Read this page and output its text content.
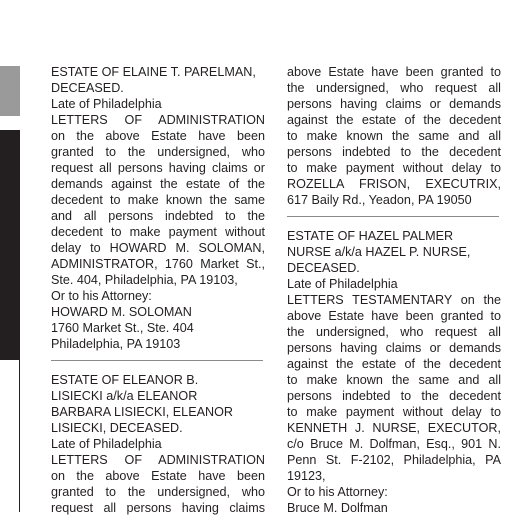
ESTATE OF ELAINE T. PARELMAN,
DECEASED.
Late of Philadelphia
LETTERS OF ADMINISTRATION
on the above Estate have been
granted to the undersigned, who
request all persons having claims or
demands against the estate of the
decedent to make known the same
and all persons indebted to the
decedent to make payment without
delay to HOWARD M. SOLOMAN,
ADMINISTRATOR, 1760 Market St.,
Ste. 404, Philadelphia, PA 19103,
Or to his Attorney:
HOWARD M. SOLOMAN
1760 Market St., Ste. 404
Philadelphia, PA 19103
ESTATE OF ELEANOR B.
LISIECKI a/k/a ELEANOR
BARBARA LISIECKI, ELEANOR
LISIECKI, DECEASED.
Late of Philadelphia
LETTERS OF ADMINISTRATION
on the above Estate have been
granted to the undersigned, who
request all persons having claims
above Estate have been granted to
the undersigned, who request all
persons having claims or demands
against the estate of the decedent
to make known the same and all
persons indebted to the decedent
to make payment without delay to
ROZELLA FRISON, EXECUTRIX,
617 Baily Rd., Yeadon, PA 19050
ESTATE OF HAZEL PALMER
NURSE a/k/a HAZEL P. NURSE,
DECEASED.
Late of Philadelphia
LETTERS TESTAMENTARY on the
above Estate have been granted to
the undersigned, who request all
persons having claims or demands
against the estate of the decedent
to make known the same and all
persons indebted to the decedent
to make payment without delay to
KENNETH J. NURSE, EXECUTOR,
c/o Bruce M. Dolfman, Esq., 901 N.
Penn St. F-2102, Philadelphia, PA
19123,
Or to his Attorney:
Bruce M. Dolfman
